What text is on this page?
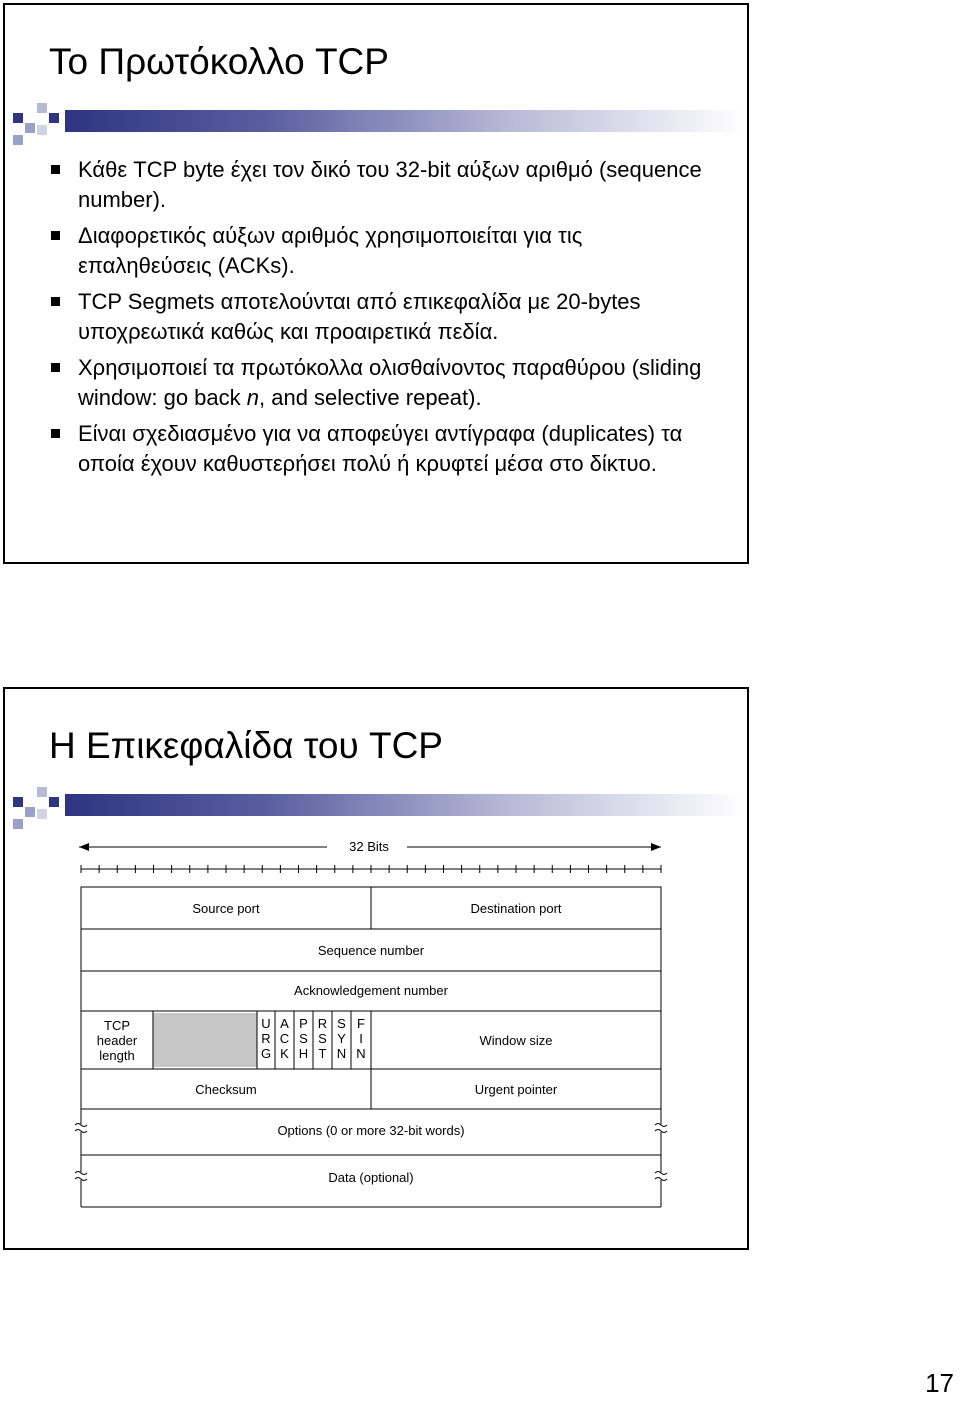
Το Πρωτόκολλο TCP
Κάθε TCP byte έχει τον δικό του 32-bit αύξων αριθμό (sequence number).
Διαφορετικός αύξων αριθμός χρησιμοποιείται για τις επαληθεύσεις (ACKs).
TCP Segmets αποτελούνται από επικεφαλίδα με 20-bytes υποχρεωτικά καθώς και προαιρετικά πεδία.
Χρησιμοποιεί τα πρωτόκολλα ολισθαίνοντος παραθύρου (sliding window: go back n, and selective repeat).
Είναι σχεδιασμένο για να αποφεύγει αντίγραφα (duplicates) τα οποία έχουν καθυστερήσει πολύ ή κρυφτεί μέσα στο δίκτυο.
Η Επικεφαλίδα του TCP
32 Bits
Source port	Destination port
Sequence number
Acknowledgement number
TCP
header
length
U
R
G
A
C
K
P
S
H
R
S
T
S
Y
N
F
I
N
Window size
Checksum	Urgent pointer
Options (0 or more 32-bit words)
Data (optional)
17
